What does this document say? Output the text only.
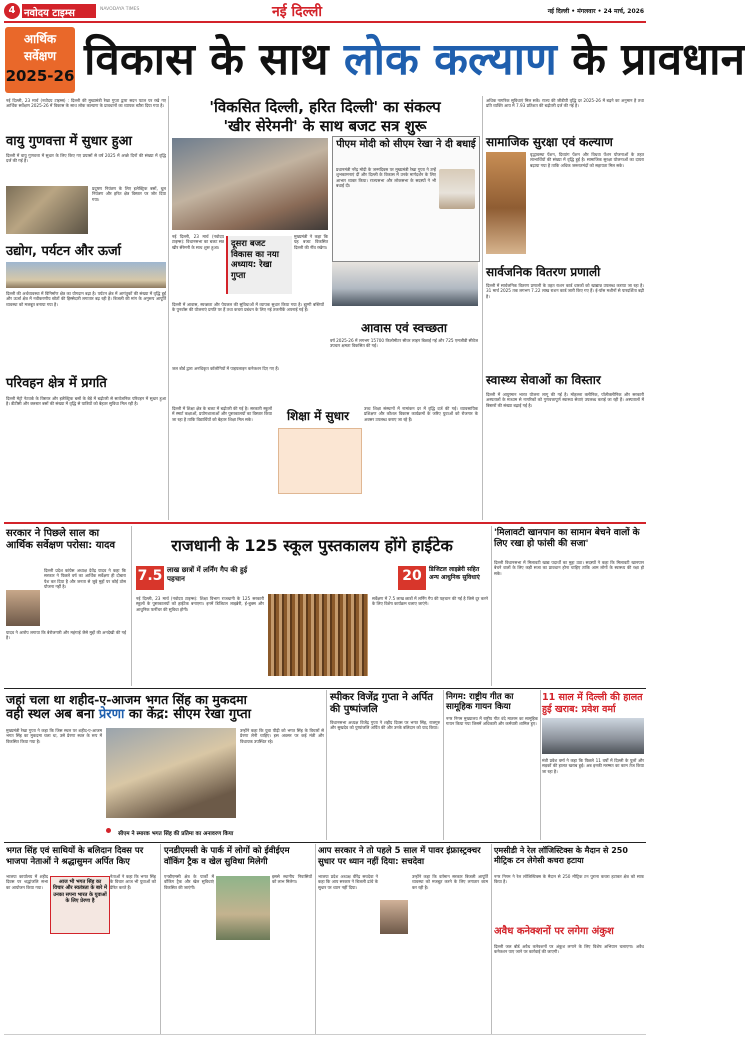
4 नवोदय टाइम्स	NAVODAYA TIMES	नई दिल्ली	नई दिल्ली • मंगलवार • 24 मार्च, 2026
आर्थिक
सर्वेक्षण
2025-26 विकास के साथ लोक कल्याण के प्रावधान
नई दिल्ली, 23 मार्च (नवोदय टाइम्स) : दिल्ली की मुख्यमंत्री रेखा गुप्ता द्वारा सदन पटल पर रखे गए आर्थिक सर्वेक्षण 2025-26 में विकास के साथ लोक कल्याण के प्रावधानों का व्यापक ब्यौरा दिया गया है।
अधिक नागरिक सुविधाएं मिल सकें। राज्य की जीडीपी वृद्धि दर 2025-26 में बढ़ने का अनुमान है तथा प्रति व्यक्ति आय में 7.93 प्रतिशत की बढ़ोतरी दर्ज की गई है।
'विकसित दिल्ली, हरित दिल्ली' का संकल्प
'खीर सेरेमनी' के साथ बजट सत्र शुरू
वायु गुणवत्ता में सुधार हुआ
दिल्ली में वायु गुणवत्ता में सुधार के लिए किए गए प्रयासों से वर्ष 2025 में अच्छे दिनों की संख्या में वृद्धि दर्ज की गई है।
प्रदूषण नियंत्रण के लिए इलेक्ट्रिक बसों, धूल नियंत्रण और हरित क्षेत्र विस्तार पर जोर दिया गया।
उद्योग, पर्यटन और ऊर्जा
दिल्ली की अर्थव्यवस्था में विनिर्माण क्षेत्र का योगदान बढ़ा है। पर्यटन क्षेत्र में आगंतुकों की संख्या में वृद्धि हुई और ऊर्जा क्षेत्र में नवीकरणीय स्रोतों की हिस्सेदारी लगातार बढ़ रही है। बिजली की मांग के अनुरूप आपूर्ति व्यवस्था को मजबूत बनाया गया है।
परिवहन क्षेत्र में प्रगति
दिल्ली मेट्रो नेटवर्क के विस्तार और इलेक्ट्रिक बसों के बेड़े में बढ़ोतरी से सार्वजनिक परिवहन में सुधार हुआ है। डीटीसी और क्लस्टर बसों की संख्या में वृद्धि से यात्रियों को बेहतर सुविधा मिल रही है।
नई दिल्ली, 23 मार्च (नवोदय टाइम्स): विधानसभा का बजट सत्र खीर सेरेमनी के साथ शुरू हुआ।	दूसरा बजट विकास का नया अध्याय: रेखा गुप्ता
मुख्यमंत्री ने कहा कि यह बजट विकसित दिल्ली की नींव रखेगा।
पीएम मोदी को सीएम रेखा ने दी बधाई
प्रधानमंत्री नरेंद्र मोदी के जन्मदिवस पर मुख्यमंत्री रेखा गुप्ता ने उन्हें शुभकामनाएं दीं और दिल्ली के विकास में उनके मार्गदर्शन के लिए आभार व्यक्त किया। राज्यसभा और लोकसभा के सदस्यों ने भी बधाई दी।
दिल्ली में आवास, स्वच्छता और पेयजल की सुविधाओं में व्यापक सुधार किया गया है। झुग्गी बस्तियों के पुनर्वास की योजनाएं प्रगति पर हैं तथा कचरा प्रबंधन के लिए नई तकनीकें अपनाई गई हैं।
आवास एवं स्वच्छता
वर्ष 2025-26 में लगभग 15700 किलोमीटर सीवर लाइन बिछाई गई और 725 एमजीडी सीवेज उपचार क्षमता विकसित की गई।
जल बोर्ड द्वारा अनधिकृत कॉलोनियों में पाइपलाइन कनेक्शन दिए गए हैं।
दिल्ली में शिक्षा क्षेत्र के बजट में बढ़ोतरी की गई है। सरकारी स्कूलों में स्मार्ट कक्षाओं, प्रयोगशालाओं और पुस्तकालयों का विस्तार किया जा रहा है ताकि विद्यार्थियों को बेहतर शिक्षा मिल सके।	शिक्षा में सुधार
उच्च शिक्षा संस्थानों में नामांकन दर में वृद्धि दर्ज की गई। व्यावसायिक प्रशिक्षण और कौशल विकास कार्यक्रमों के जरिए युवाओं को रोजगार के अवसर उपलब्ध कराए जा रहे हैं।
सामाजिक सुरक्षा एवं कल्याण
वृद्धावस्था पेंशन, दिव्यांग पेंशन और विधवा पेंशन योजनाओं के तहत लाभार्थियों की संख्या में वृद्धि हुई है। सामाजिक सुरक्षा योजनाओं का दायरा बढ़ाया गया है ताकि अधिक जरूरतमंदों को सहायता मिल सके।
सार्वजनिक वितरण प्रणाली
दिल्ली में सार्वजनिक वितरण प्रणाली के तहत राशन कार्ड धारकों को खाद्यान्न उपलब्ध कराया जा रहा है। 31 मार्च 2025 तक लगभग 7.22 लाख राशन कार्ड जारी किए गए हैं। ई-पॉस मशीनों से पारदर्शिता बढ़ी है।
स्वास्थ्य सेवाओं का विस्तार
दिल्ली में आयुष्मान भारत योजना लागू की गई है। मोहल्ला क्लीनिक, पॉलीक्लीनिक और सरकारी अस्पतालों के माध्यम से नागरिकों को गुणवत्तापूर्ण स्वास्थ्य सेवाएं उपलब्ध कराई जा रही हैं। अस्पतालों में बिस्तरों की संख्या बढ़ाई गई है।
सरकार ने पिछले साल का आर्थिक सर्वेक्षण परोसा: यादव
दिल्ली प्रदेश कांग्रेस अध्यक्ष देवेंद्र यादव ने कहा कि सरकार ने पिछले वर्ष का आर्थिक सर्वेक्षण ही दोबारा पेश कर दिया है और जनता से जुड़े मुद्दों पर कोई ठोस योजना नहीं है।
यादव ने आरोप लगाया कि बेरोजगारी और महंगाई जैसे मुद्दों की अनदेखी की गई है।
राजधानी के 125 स्कूल पुस्तकालय होंगे हाईटेक
7.5 लाख छात्रों में लर्निंग गैप की हुई पहचान	20	डिजिटल लाइब्रेरी सहित अन्य आधुनिक सुविधाएं
नई दिल्ली, 23 मार्च (नवोदय टाइम्स): शिक्षा विभाग राजधानी के 125 सरकारी स्कूलों के पुस्तकालयों को हाईटेक बनाएगा। इनमें डिजिटल लाइब्रेरी, ई-बुक्स और आधुनिक फर्नीचर की सुविधा होगी।
सर्वेक्षण में 7.5 लाख छात्रों में लर्निंग गैप की पहचान की गई है जिसे दूर करने के लिए विशेष कार्यक्रम चलाए जाएंगे।
'मिलावटी खानपान का सामान बेचने वालों के लिए रखा हो फांसी की सजा'
दिल्ली विधानसभा में मिलावटी खाद्य पदार्थों का मुद्दा उठा। सदस्यों ने कहा कि मिलावटी खानपान बेचने वालों के लिए कड़ी सजा का प्रावधान होना चाहिए ताकि आम लोगों के स्वास्थ्य की रक्षा हो सके।
जहां चला था शहीद-ए-आजम भगत सिंह का मुकदमा
वही स्थल अब बना प्रेरणा का केंद्र: सीएम रेखा गुप्ता
मुख्यमंत्री रेखा गुप्ता ने कहा कि जिस स्थल पर शहीद-ए-आजम भगत सिंह का मुकदमा चला था, उसे प्रेरणा स्थल के रूप में विकसित किया गया है।
सीएम ने स्मारक भगत सिंह की प्रतिमा का अनावरण किया
उन्होंने कहा कि युवा पीढ़ी को भगत सिंह के विचारों से प्रेरणा लेनी चाहिए। इस अवसर पर कई मंत्री और विधायक उपस्थित रहे।
स्पीकर विजेंद्र गुप्ता ने अर्पित की पुष्पांजलि
विधानसभा अध्यक्ष विजेंद्र गुप्ता ने शहीद दिवस पर भगत सिंह, राजगुरु और सुखदेव को पुष्पांजलि अर्पित की और उनके बलिदान को याद किया।
निगम: राष्ट्रीय गीत का सामूहिक गायन किया
नगर निगम मुख्यालय में राष्ट्रीय गीत वंदे मातरम का सामूहिक गायन किया गया जिसमें अधिकारी और कर्मचारी शामिल हुए।
11 साल में दिल्ली की हालत हुई खराब: प्रवेश वर्मा
मंत्री प्रवेश वर्मा ने कहा कि पिछले 11 वर्षों में दिल्ली के पुलों और सड़कों की हालत खराब हुई। अब इनकी मरम्मत का काम तेज किया जा रहा है।
भगत सिंह एवं साथियों के बलिदान दिवस पर भाजपा नेताओं ने श्रद्धासुमन अर्पित किए
भाजपा कार्यालय में शहीद दिवस पर श्रद्धांजलि सभा का आयोजन किया गया।
आज भी भगत सिंह का विचार और स्वतंत्रता के बारे में उनका सपना भारत के युवाओं के लिए प्रेरणा है
नेताओं ने कहा कि भगत सिंह के विचार आज भी युवाओं को प्रेरित करते हैं।
एनडीएमसी के पार्क में लोगों को ईवीईएम वॉकिंग ट्रैक व खेल सुविधा मिलेगी
एनडीएमसी क्षेत्र के पार्कों में वॉकिंग ट्रैक और खेल सुविधाएं विकसित की जाएंगी।
इससे स्थानीय निवासियों को लाभ मिलेगा।
आप सरकार ने तो पहले 5 साल में पावर इंफ्रास्ट्रक्चर सुधार पर ध्यान नहीं दिया: सचदेवा
भाजपा प्रदेश अध्यक्ष वीरेंद्र सचदेवा ने कहा कि आप सरकार ने बिजली ढांचे के सुधार पर ध्यान नहीं दिया।
उन्होंने कहा कि वर्तमान सरकार बिजली आपूर्ति व्यवस्था को मजबूत करने के लिए लगातार काम कर रही है।
एमसीडी ने रेल लॉजिस्टिक्स के मैदान से 250 मीट्रिक टन लेगेसी कचरा हटाया
नगर निगम ने रेल लॉजिस्टिक्स के मैदान से 250 मीट्रिक टन पुराना कचरा हटाकर क्षेत्र को साफ किया है।
अवैध कनेक्शनों पर लगेगा अंकुश
दिल्ली जल बोर्ड अवैध कनेक्शनों पर अंकुश लगाने के लिए विशेष अभियान चलाएगा। अवैध कनेक्शन पाए जाने पर कार्रवाई की जाएगी।
